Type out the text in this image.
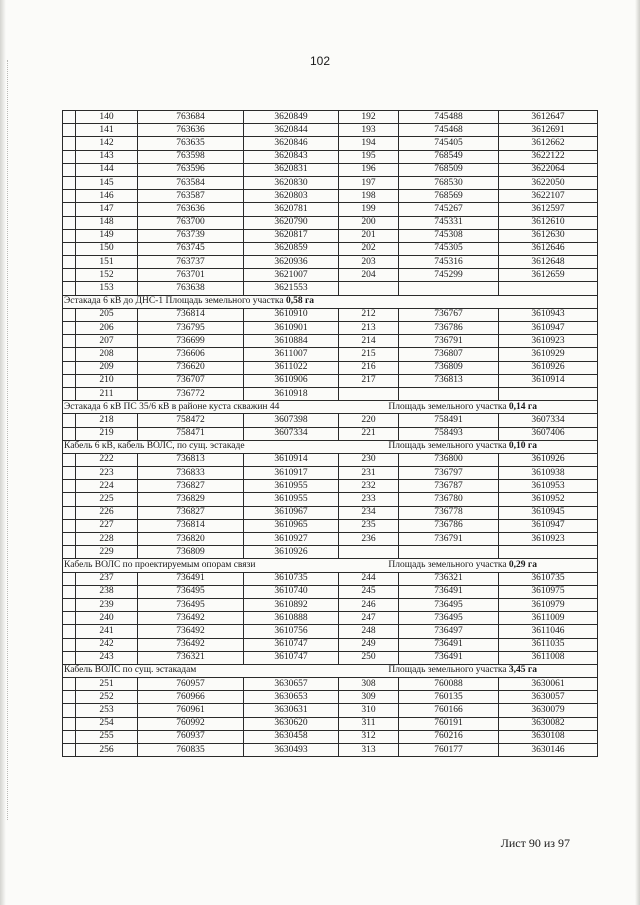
102
	140	763684	3620849	192	745488	3612647
	141	763636	3620844	193	745468	3612691
	142	763635	3620846	194	745405	3612662
	143	763598	3620843	195	768549	3622122
	144	763596	3620831	196	768509	3622064
	145	763584	3620830	197	768530	3622050
	146	763587	3620803	198	768569	3622107
	147	763636	3620781	199	745267	3612597
	148	763700	3620790	200	745331	3612610
	149	763739	3620817	201	745308	3612630
	150	763745	3620859	202	745305	3612646
	151	763737	3620936	203	745316	3612648
	152	763701	3621007	204	745299	3612659
	153	763638	3621553			
Эстакада 6 кВ до ДНС-1 Площадь земельного участка 0,58 га						
	205	736814	3610910	212	736767	3610943
	206	736795	3610901	213	736786	3610947
	207	736699	3610884	214	736791	3610923
	208	736606	3611007	215	736807	3610929
	209	736620	3611022	216	736809	3610926
	210	736707	3610906	217	736813	3610914
	211	736772	3610918			

Эстакада 6 кВ ПС 35/6 кВ в районе куста скважин 44 Площадь земельного участка 0,14 га						

	218	758472	3607398	220	758491	3607334
	219	758471	3607334	221	758493	3607406

Кабель 6 кВ, кабель ВОЛС, по сущ. эстакаде Площадь земельного участка 0,10 га						

	222	736813	3610914	230	736800	3610926
	223	736833	3610917	231	736797	3610938
	224	736827	3610955	232	736787	3610953
	225	736829	3610955	233	736780	3610952
	226	736827	3610967	234	736778	3610945
	227	736814	3610965	235	736786	3610947
	228	736820	3610927	236	736791	3610923
	229	736809	3610926			

Кабель ВОЛС по проектируемым опорам связи Площадь земельного участка 0,29 га						

	237	736491	3610735	244	736321	3610735
	238	736495	3610740	245	736491	3610975
	239	736495	3610892	246	736495	3610979
	240	736492	3610888	247	736495	3611009
	241	736492	3610756	248	736497	3611046
	242	736492	3610747	249	736491	3611035
	243	736321	3610747	250	736491	3611008

Кабель ВОЛС по сущ. эстакадам Площадь земельного участка 3,45 га						

	251	760957	3630657	308	760088	3630061
	252	760966	3630653	309	760135	3630057
	253	760961	3630631	310	760166	3630079
	254	760992	3630620	311	760191	3630082
	255	760937	3630458	312	760216	3630108
	256	760835	3630493	313	760177	3630146
Лист 90 из 97
